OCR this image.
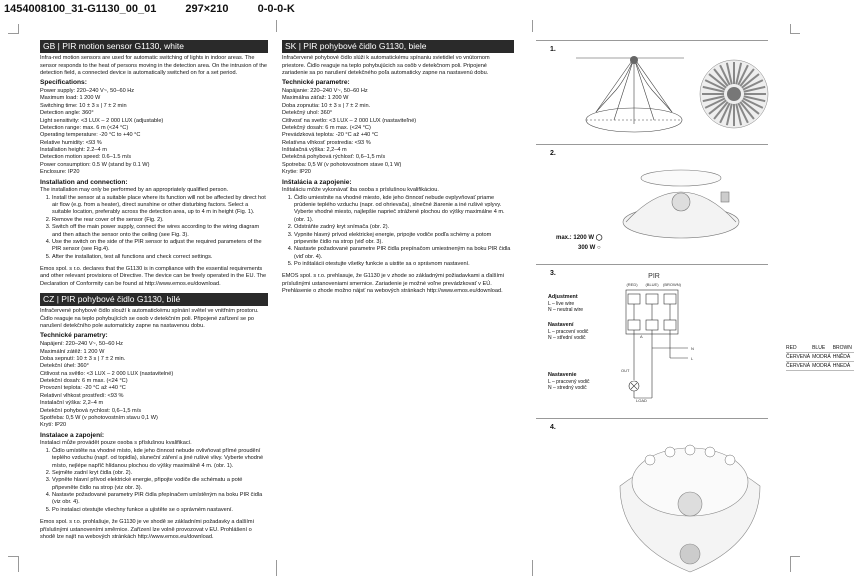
1454008100_31-G1130_00_01	297×210	0-0-0-K
GB | PIR motion sensor G1130, white

Infra-red motion sensors are used for automatic switching of lights in indoor areas. The sensor responds to the heat of persons moving in the detection area. On the intrusion of the detection field, a connected device is automatically switched on for a set period.

Specifications:
Power supply: 220–240 V~, 50–60 Hz
Maximum load: 1 200 W
Switching time: 10 ± 3 s | 7 ± 2 min
Detection angle: 360°
Light sensitivity: <3 LUX – 2 000 LUX (adjustable)
Detection range: max. 6 m (<24 °C)
Operating temperature: -20 °C to +40 °C
Relative humidity: <93 %
Installation height: 2.2–4 m
Detection motion speed: 0.6–1.5 m/s
Power consumption: 0.5 W (stand by 0.1 W)
Enclosure: IP20
Installation and connection:

The installation may only be performed by an appropriately qualified person.

1. Install the sensor at a suitable place where its function will not be affected by direct hot air flow (e.g. from a heater), direct sunshine or other disturbing factors. Select a suitable location, preferably across the detection area, up to 4 m in height (Fig. 1).
2. Remove the rear cover of the sensor (Fig. 2).
3. Switch off the main power supply, connect the wires according to the wiring diagram and then attach the sensor onto the ceiling (see Fig. 3).
4. Use the switch on the side of the PIR sensor to adjust the required parameters of the PIR sensor (see Fig.4).
5. After the installation, test all functions and check correct settings.

Emos spol. s r.o. declares that the G1130 is in compliance with the essential requirements and other relevant provisions of Directive. The device can be freely operated in the EU. The Declaration of Conformity can be found at http://www.emos.eu/download.

CZ | PIR pohybové čidlo G1130, bílé

Infračervené pohybové čidlo slouží k automatickému spínání světel ve vnitřním prostoru. Čidlo reaguje na teplo pohybujících se osob v detekčním poli. Připojené zařízení se po narušení detekčního pole automaticky zapne na nastavenou dobu.

Technické parametry:
Napájení: 220–240 V~, 50–60 Hz
Maximální zátěž: 1 200 W
Doba sepnutí: 10 ± 3 s | 7 ± 2 min.
Detekční úhel: 360°
Citlivost na světlo: <3 LUX – 2 000 LUX (nastavitelné)
Detekční dosah: 6 m max. (<24 °C)
Provozní teplota: -20 °C až +40 °C
Relativní vlhkost prostředí: <93 %
Instalační výška: 2,2–4 m
Detekční pohybová rychlost: 0,6–1,5 m/s
Spotřeba: 0,5 W (v pohotovostním stavu 0,1 W)
Krytí: IP20
Instalace a zapojení:

Instalaci může provádět pouze osoba s příslušnou kvalifikací.

1. Čidlo umístěte na vhodné místo, kde jeho činnost nebude ovlivňovat přímé proudění teplého vzduchu (např. od topidla), sluneční záření a jiné rušivé vlivy. Vyberte vhodné místo, nejlépe napříč hlídanou plochou do výšky maximálně 4 m. (obr. 1).
2. Sejměte zadní kryt čidla (obr. 2).
3. Vypněte hlavní přívod elektrické energie, připojte vodiče dle schématu a poté připevněte čidlo na strop (viz obr. 3).
4. Nastavte požadované parametry PIR čidla přepínačem umístěným na boku PIR čidla (viz obr. 4).
5. Po instalaci otestujte všechny funkce a ujistěte se o správném nastavení.

Emos spol. s r.o. prohlašuje, že G1130 je ve shodě se základními požadavky a dalšími příslušnými ustanoveními směrnice. Zařízení lze volně provozovat v EU. Prohlášení o shodě lze najít na webových stránkách http://www.emos.eu/download.

SK | PIR pohybové čidlo G1130, biele

Infračervené pohybové čidlo slúži k automatickému spínaniu svietidiel vo vnútornom priestore. Čidlo reaguje na teplo pohybujúcich sa osôb v detekčnom poli. Pripojené zariadenie sa po narušení detekčného poľa automaticky zapne na nastavenú dobu.

Technické parametre:
Napájanie: 220–240 V~, 50–60 Hz
Maximálna záťaž: 1 200 W
Doba zopnutia: 10 ± 3 s | 7 ± 2 min.
Detekčný uhol: 360°
Citlivosť na svetlo: <3 LUX – 2 000 LUX (nastaviteľné)
Detekčný dosah: 6 m max. (<24 °C)
Prevádzková teplota: -20 °C až +40 °C
Relatívna vlhkosť prostredia: <93 %
Inštalačná výška: 2,2–4 m
Detekčná pohybová rýchlosť: 0,6–1,5 m/s
Spotreba: 0,5 W (v pohotovostnom stave 0,1 W)
Krytie: IP20
Inštalácia a zapojenie:

Inštaláciu môže vykonávať iba osoba s príslušnou kvalifikáciou.

1. Čidlo umiestnite na vhodné miesto, kde jeho činnosť nebude ovplyvňovať priame prúdenie teplého vzduchu (napr. od ohrievača), slnečné žiarenie a iné rušivé vplyvy. Vyberte vhodné miesto, najlepšie naprieč strážené plochou do výšky maximálne 4 m. (obr. 1).
2. Odstráňte zadný kryt snímača (obr. 2).
3. Vypnite hlavný prívod elektrickej energie, pripojte vodiče podľa schémy a potom pripevnite čidlo na strop (viď obr. 3).
4. Nastavte požadované parametre PIR čidla prepínačom umiestneným na boku PIR čidla (viď obr. 4).
5. Po inštalácii otestujte všetky funkcie a uistite sa o správnom nastavení.

EMOS spol. s r.o. prehlasuje, že G1130 je v zhode so základnými požiadavkami a ďalšími príslušnými ustanoveniami smernice. Zariadenie je možné voľne prevádzkovať v EÚ. Prehlásenie o zhode možno nájsť na webových stránkach http://www.emos.eu/download.

1.
2.
max.: 1200 W ◯
300 W ○
3.
Adjustment
L – live wire
N – neutral wire
Nastavení
L – pracovní vodič
N – střední vodič
Nastavenie
L – pracovný vodič
N – stredný vodič
PIR
(RED) (BLUE) (BROWN)
OUT
LOAD
N
L
A
RED	BLUE	BROWN
ČERVENÁ	MODRÁ	HNĚDÁ
ČERVENÁ	MODRÁ	HNEDÁ
4.
